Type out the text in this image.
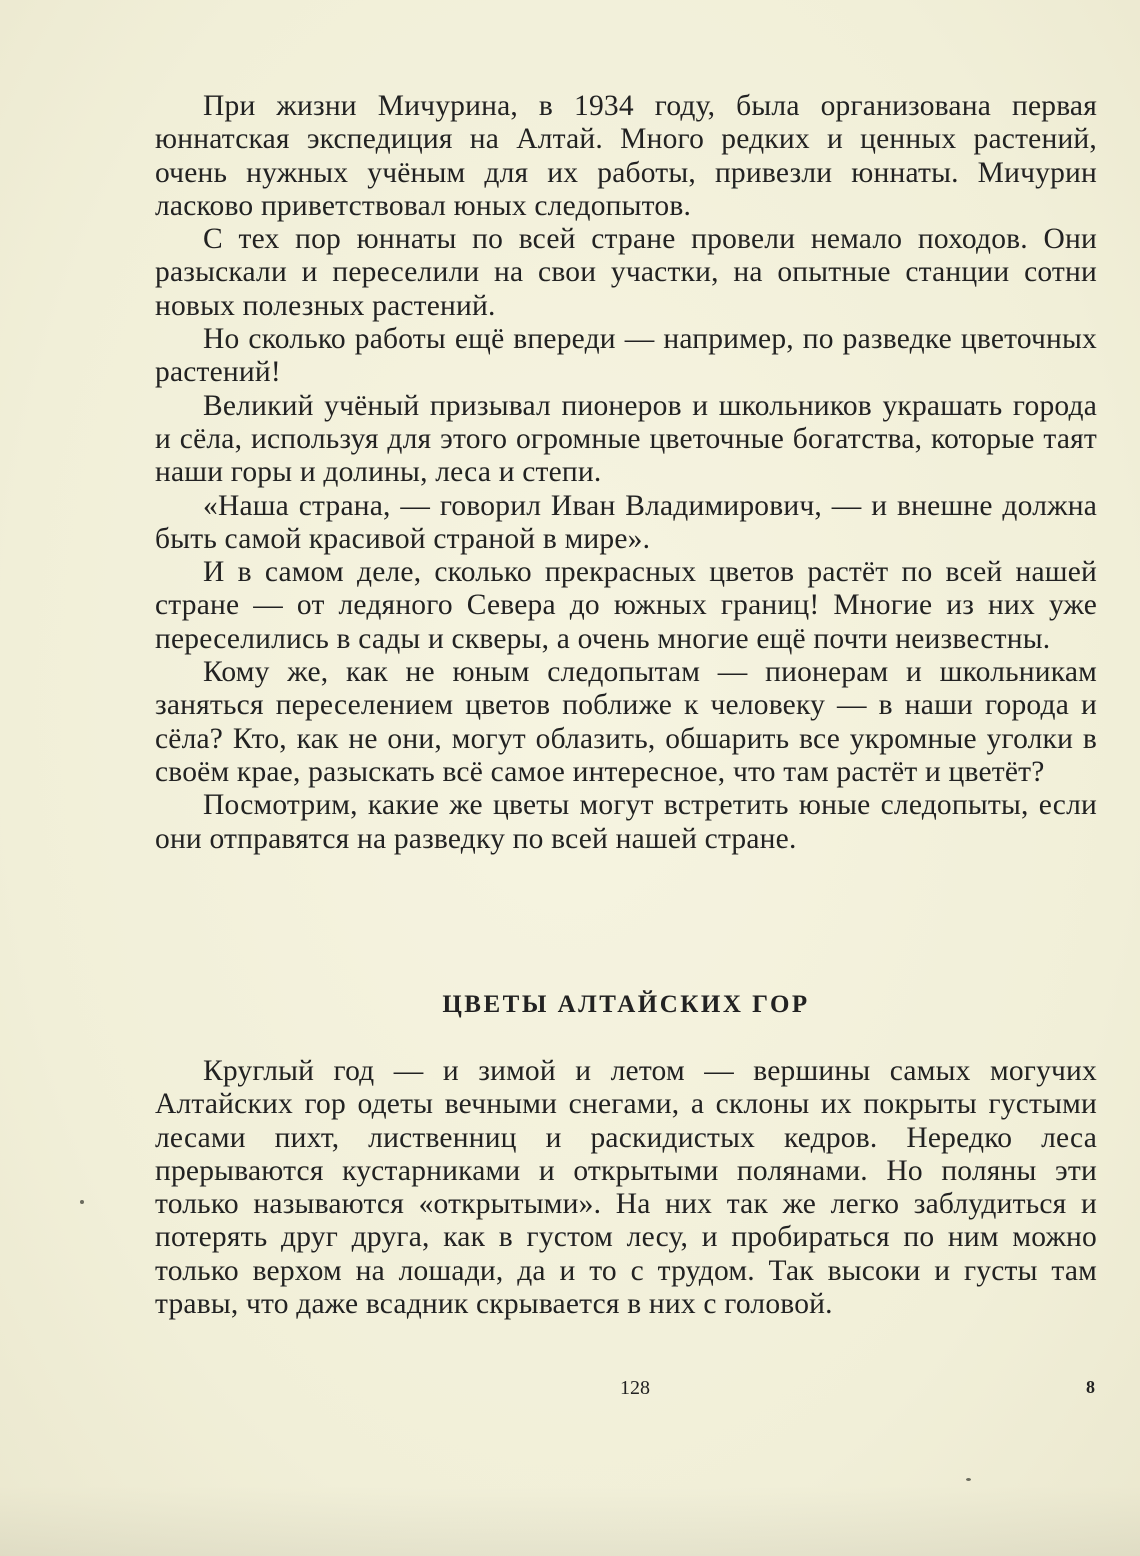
При жизни Мичурина, в 1934 году, была организована первая юннатская экспедиция на Алтай. Много редких и ценных растений, очень нужных учёным для их работы, привезли юннаты. Мичурин ласково приветствовал юных следопытов.

С тех пор юннаты по всей стране провели немало походов. Они разыскали и переселили на свои участки, на опытные станции сотни новых полезных растений.

Но сколько работы ещё впереди — например, по разведке цветочных растений!

Великий учёный призывал пионеров и школьников украшать города и сёла, используя для этого огромные цветочные богатства, которые таят наши горы и долины, леса и степи.

«Наша страна, — говорил Иван Владимирович, — и внешне должна быть самой красивой страной в мире».

И в самом деле, сколько прекрасных цветов растёт по всей нашей стране — от ледяного Севера до южных границ! Многие из них уже переселились в сады и скверы, а очень многие ещё почти неизвестны.

Кому же, как не юным следопытам — пионерам и школьникам заняться переселением цветов поближе к человеку — в наши города и сёла? Кто, как не они, могут облазить, обшарить все укромные уголки в своём крае, разыскать всё самое интересное, что там растёт и цветёт?

Посмотрим, какие же цветы могут встретить юные следопыты, если они отправятся на разведку по всей нашей стране.

ЦВЕТЫ АЛТАЙСКИХ ГОР

Круглый год — и зимой и летом — вершины самых могучих Алтайских гор одеты вечными снегами, а склоны их покрыты густыми лесами пихт, лиственниц и раскидистых кедров. Нередко леса прерываются кустарниками и открытыми полянами. Но поляны эти только называются «открытыми». На них так же легко заблудиться и потерять друг друга, как в густом лесу, и пробираться по ним можно только верхом на лошади, да и то с трудом. Так высоки и густы там травы, что даже всадник скрывается в них с головой.

128	8
